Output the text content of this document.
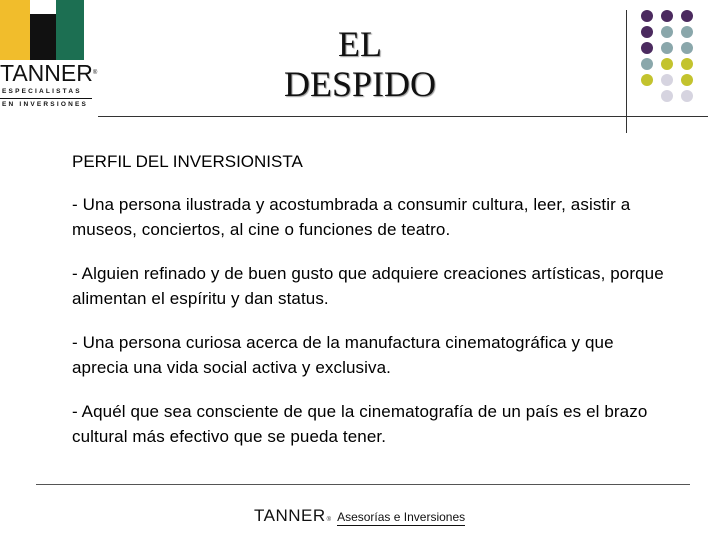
TANNER®
ESPECIALISTAS
EN INVERSIONES
EL
DESPIDO
PERFIL DEL INVERSIONISTA

- Una persona ilustrada y acostumbrada a consumir cultura, leer, asistir a museos, conciertos, al cine o funciones de teatro.

- Alguien refinado y de buen gusto que adquiere creaciones artísticas, porque alimentan el espíritu y dan status.

- Una persona curiosa acerca de la manufactura cinematográfica y que aprecia una vida social activa y exclusiva.

- Aquél que sea consciente de que la cinematografía de un país es el brazo cultural más efectivo que se pueda tener.

TANNER ® Asesorías e Inversiones
